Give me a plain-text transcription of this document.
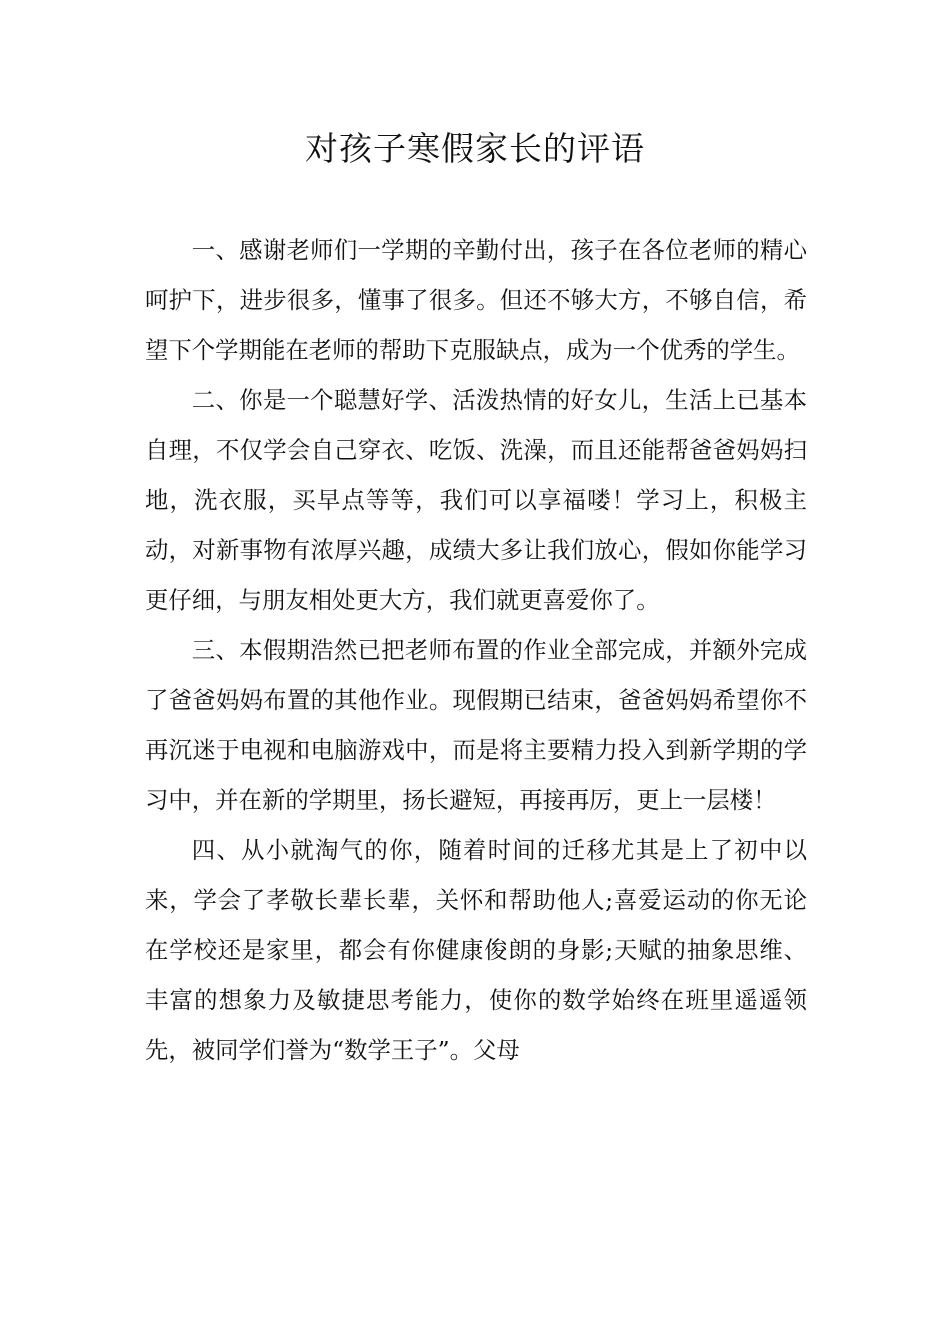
对孩子寒假家长的评语

一、感谢老师们一学期的辛勤付出，孩子在各位老师的精心呵护下，进步很多，懂事了很多。但还不够大方，不够自信，希望下个学期能在老师的帮助下克服缺点，成为一个优秀的学生。

二、你是一个聪慧好学、活泼热情的好女儿，生活上已基本自理，不仅学会自己穿衣、吃饭、洗澡，而且还能帮爸爸妈妈扫地，洗衣服，买早点等等，我们可以享福喽！学习上，积极主动，对新事物有浓厚兴趣，成绩大多让我们放心，假如你能学习更仔细，与朋友相处更大方，我们就更喜爱你了。

三、本假期浩然已把老师布置的作业全部完成，并额外完成了爸爸妈妈布置的其他作业。现假期已结束，爸爸妈妈希望你不再沉迷于电视和电脑游戏中，而是将主要精力投入到新学期的学习中，并在新的学期里，扬长避短，再接再厉，更上一层楼！

四、从小就淘气的你，随着时间的迁移尤其是上了初中以来，学会了孝敬长辈长辈，关怀和帮助他人;喜爱运动的你无论在学校还是家里，都会有你健康俊朗的身影;天赋的抽象思维、丰富的想象力及敏捷思考能力，使你的数学始终在班里遥遥领先，被同学们誉为“数学王子”。父母
